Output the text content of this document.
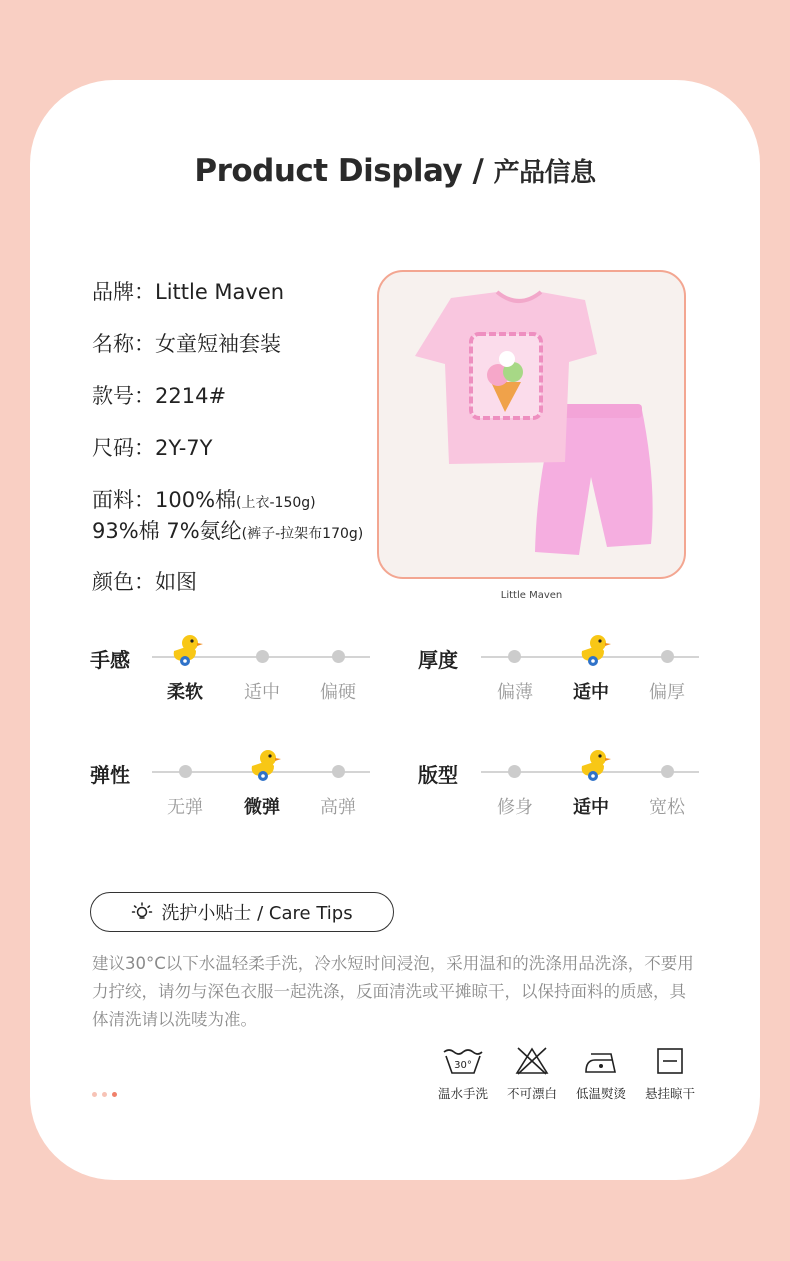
Product Display / 产品信息
品牌：Little Maven
名称：女童短袖套装
款号：2214#
尺码：2Y-7Y
面料：100%棉(上衣-150g)
93%棉 7%氨纶(裤子-拉架布170g)
颜色：如图
Little Maven
手感
柔软	适中	偏硬
厚度
偏薄	适中	偏厚
弹性
无弹	微弹	高弹
版型
修身	适中	宽松
洗护小贴士 / Care Tips
建议30°C以下水温轻柔手洗，冷水短时间浸泡，采用温和的洗涤用品洗涤，不要用力拧绞，请勿与深色衣服一起洗涤，反面清洗或平摊晾干，以保持面料的质感，具体清洗请以洗唛为准。
30°
温水手洗	不可漂白	低温熨烫	悬挂晾干
